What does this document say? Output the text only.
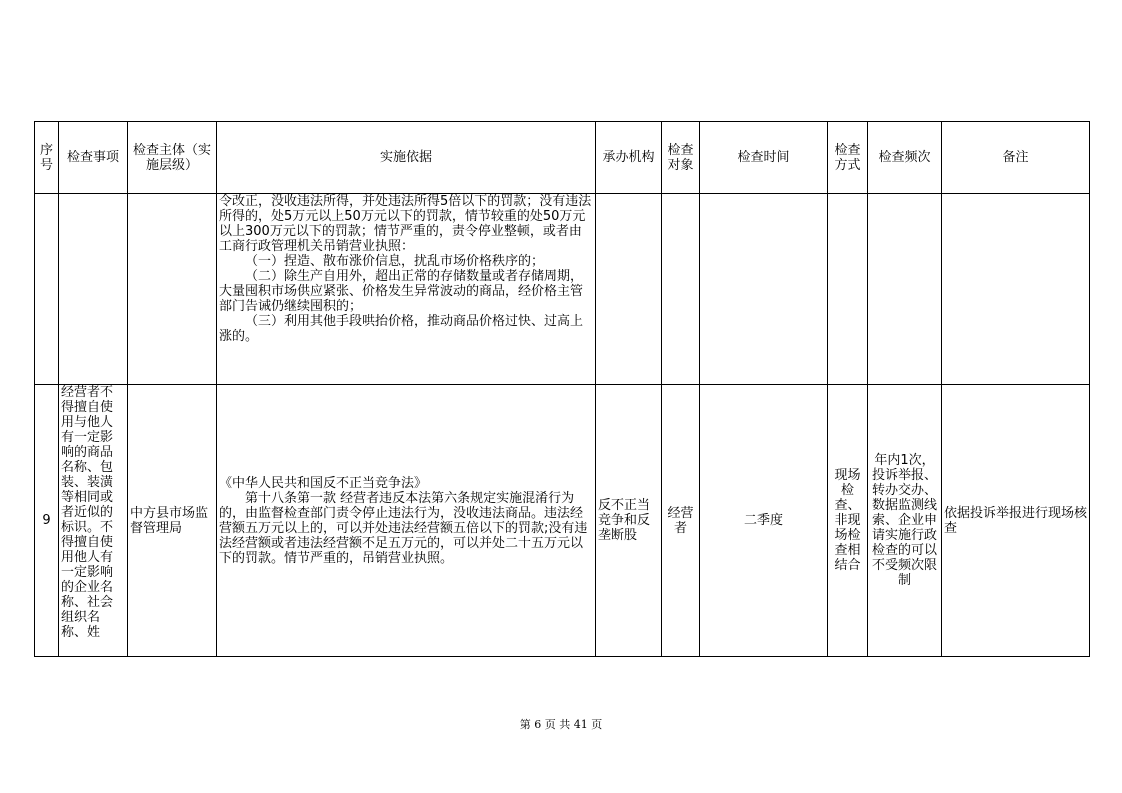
序号	检查事项	检查主体（实施层级）	实施依据	承办机构	检查对象	检查时间	检查方式	检查频次	备注

			令改正，没收违法所得，并处违法所得5倍以下的罚款；没有违法所得的，处5万元以上50万元以下的罚款，情节较重的处50万元以上300万元以下的罚款；情节严重的，责令停业整顿，或者由工商行政管理机关吊销营业执照：

（一）捏造、散布涨价信息，扰乱市场价格秩序的；

（二）除生产自用外，超出正常的存储数量或者存储周期，大量囤积市场供应紧张、价格发生异常波动的商品，经价格主管部门告诫仍继续囤积的；

（三）利用其他手段哄抬价格，推动商品价格过快、过高上涨的。						

9	经营者不得擅自使用与他人有一定影响的商品名称、包装、装潢等相同或者近似的标识。不得擅自使用他人有一定影响的企业名称、社会组织名称、姓	中方县市场监督管理局	《中华人民共和国反不正当竞争法》

第十八条第一款 经营者违反本法第六条规定实施混淆行为的，由监督检查部门责令停止违法行为，没收违法商品。违法经营额五万元以上的，可以并处违法经营额五倍以下的罚款;没有违法经营额或者违法经营额不足五万元的，可以并处二十五万元以下的罚款。情节严重的，吊销营业执照。	反不正当竞争和反垄断股	经营者	二季度	现场检查、非现场检查相结合	年内1次，投诉举报、转办交办、数据监测线索、企业申请实施行政检查的可以不受频次限制	依据投诉举报进行现场核查
第 6 页 共 41 页
